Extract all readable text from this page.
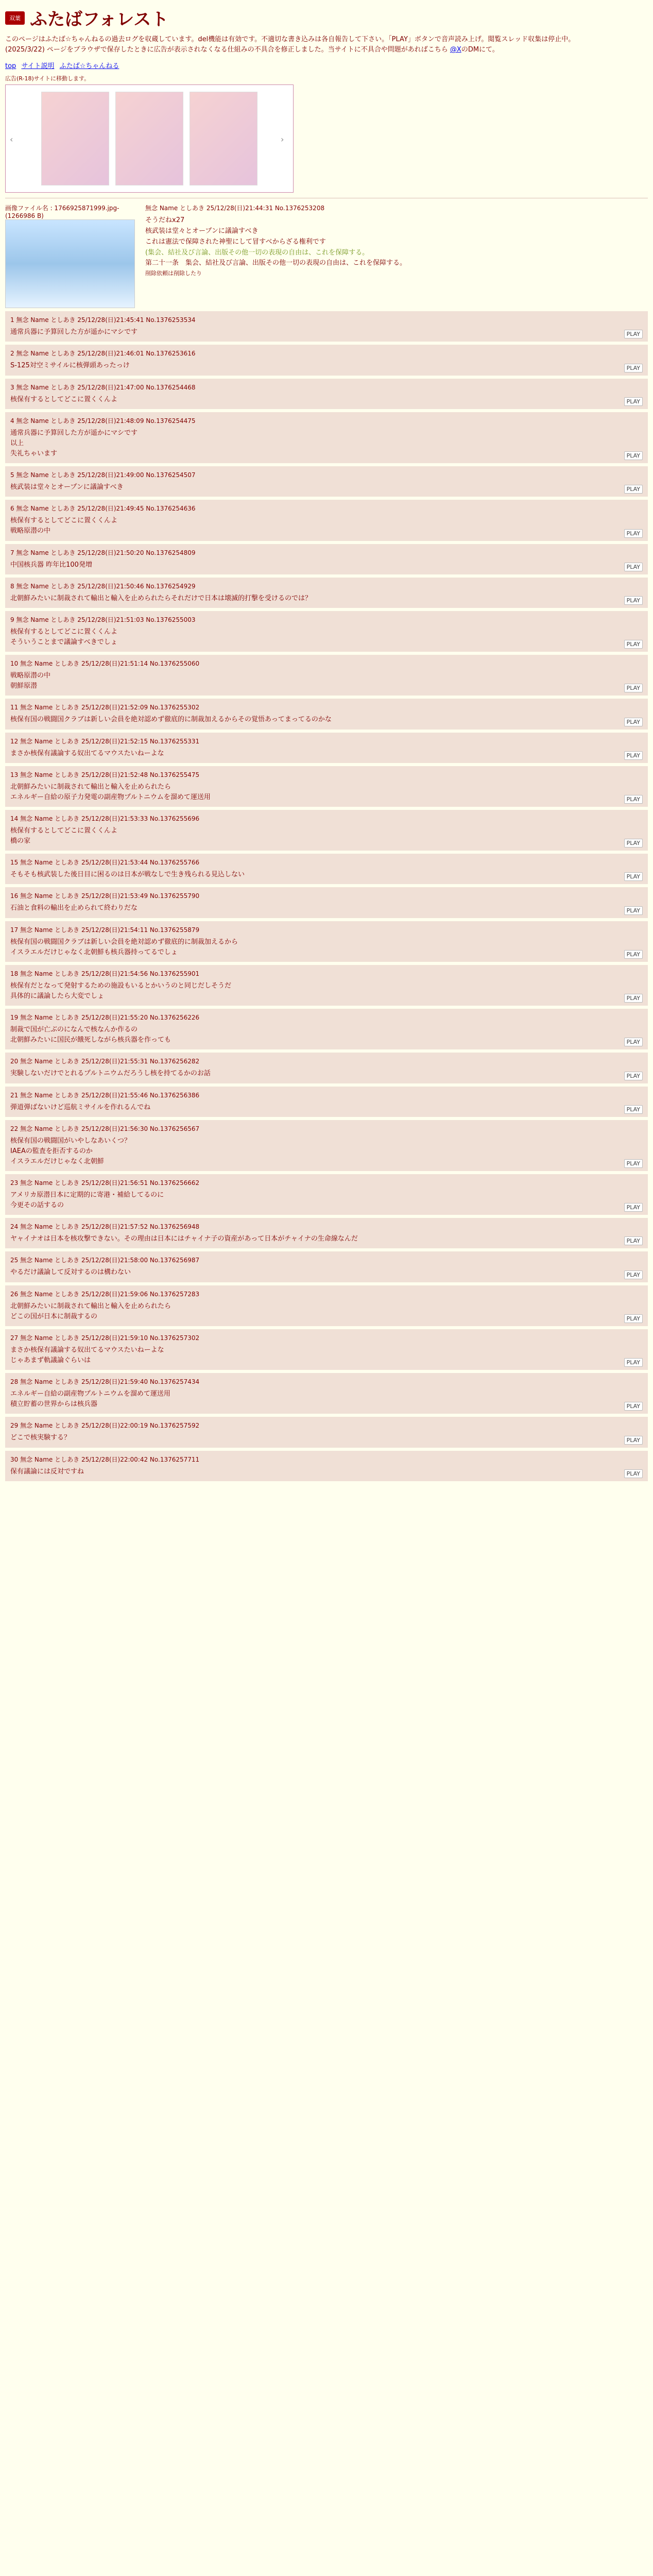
双葉 ふたばフォレスト
このページはふたば☆ちゃんねるの過去ログを収蔵しています。del機能は有効です。不適切な書き込みは各自報告して下さい。「PLAY」ボタンで音声読み上げ。閲覧スレッド収集は停止中。
(2025/3/22) ページをブラウザで保存したときに広告が表示されなくなる仕組みの不具合を修正しました。当サイトに不具合や問題があればこちら @XのDMにて。
top サイト説明 ふたば☆ちゃんねる
広告(R-18)サイトに移動します。
‹	›
画像ファイル名 : 1766925871999.jpg-(1266986 B)
無念 Name としあき 25/12/28(日)21:44:31 No.1376253208
そうだねx27
核武装は堂々とオープンに議論すべき
これは憲法で保障された神聖にして冒すべからざる権利です
(集会、結社及び言論、出版その他一切の表現の自由は、これを保障する。
第二十一条　集会、結社及び言論、出版その他一切の表現の自由は、これを保障する。
削除依頼は削除したり
1 無念 Name としあき 25/12/28(日)21:45:41 No.1376253534
通常兵器に予算回した方が遥かにマシです	PLAY
2 無念 Name としあき 25/12/28(日)21:46:01 No.1376253616
S-125対空ミサイルに核弾頭あったっけ	PLAY
3 無念 Name としあき 25/12/28(日)21:47:00 No.1376254468
核保有するとしてどこに置くくんよ	PLAY
4 無念 Name としあき 25/12/28(日)21:48:09 No.1376254475
通常兵器に予算回した方が遥かにマシです
以上
失礼ちゃいます	PLAY
5 無念 Name としあき 25/12/28(日)21:49:00 No.1376254507
核武装は堂々とオープンに議論すべき	PLAY
6 無念 Name としあき 25/12/28(日)21:49:45 No.1376254636
核保有するとしてどこに置くくんよ
戦略原潜の中	PLAY
7 無念 Name としあき 25/12/28(日)21:50:20 No.1376254809
中国核兵器 昨年比100発増	PLAY
8 無念 Name としあき 25/12/28(日)21:50:46 No.1376254929
北朝鮮みたいに制裁されて輸出と輸入を止められたらそれだけで日本は壊滅的打撃を受けるのでは？	PLAY
9 無念 Name としあき 25/12/28(日)21:51:03 No.1376255003
核保有するとしてどこに置くくんよ
そういうことまで議論すべきでしょ	PLAY
10 無念 Name としあき 25/12/28(日)21:51:14 No.1376255060
戦略原潜の中
朝鮮原潜	PLAY
11 無念 Name としあき 25/12/28(日)21:52:09 No.1376255302
核保有国の戦闘国クラブは新しい会員を絶対認めず徹底的に制裁加えるからその覚悟あってまってるのかな	PLAY
12 無念 Name としあき 25/12/28(日)21:52:15 No.1376255331
まさか核保有議論する奴出てるマウスたいねーよな	PLAY
13 無念 Name としあき 25/12/28(日)21:52:48 No.1376255475
北朝鮮みたいに制裁されて輸出と輸入を止められたら
エネルギー自給の原子力発電の副産物プルトニウムを溜めて運送用	PLAY
14 無念 Name としあき 25/12/28(日)21:53:33 No.1376255696
核保有するとしてどこに置くくんよ
橋の家	PLAY
15 無念 Name としあき 25/12/28(日)21:53:44 No.1376255766
そもそも核武装した後日目に困るのは日本が戦なしで生き残られる見込しない	PLAY
16 無念 Name としあき 25/12/28(日)21:53:49 No.1376255790
石油と食料の輸出を止められて終わりだな	PLAY
17 無念 Name としあき 25/12/28(日)21:54:11 No.1376255879
核保有国の戦闘国クラブは新しい会員を絶対認めず徹底的に制裁加えるから
イスラエルだけじゃなく北朝鮮も核兵器持ってるでしょ	PLAY
18 無念 Name としあき 25/12/28(日)21:54:56 No.1376255901
核保有だとなって発射するための施設もいるとかいうのと同じだしそうだ
具体的に議論したら大変でしょ	PLAY
19 無念 Name としあき 25/12/28(日)21:55:20 No.1376256226
制裁で国が亡ぶのになんで核なんか作るの
北朝鮮みたいに国民が餓死しながら核兵器を作っても	PLAY
20 無念 Name としあき 25/12/28(日)21:55:31 No.1376256282
実験しないだけでとれるプルトニウムだろうし核を持てるかのお話	PLAY
21 無念 Name としあき 25/12/28(日)21:55:46 No.1376256386
弾道弾ばないけど巡航ミサイルを作れるんでね	PLAY
22 無念 Name としあき 25/12/28(日)21:56:30 No.1376256567
核保有国の戦闘国がいやしなあいくつ？
IAEAの監査を拒否するのか
イスラエルだけじゃなく北朝鮮	PLAY
23 無念 Name としあき 25/12/28(日)21:56:51 No.1376256662
アメリカ原潜日本に定期的に寄港・補給してるのに
今更その話するの	PLAY
24 無念 Name としあき 25/12/28(日)21:57:52 No.1376256948
ヤャイナオは日本を核攻撃できない。その理由は日本にはチャイナ子の資産があって日本がチャイナの生命線なんだ	PLAY
25 無念 Name としあき 25/12/28(日)21:58:00 No.1376256987
やるだけ議論して反対するのは構わない	PLAY
26 無念 Name としあき 25/12/28(日)21:59:06 No.1376257283
北朝鮮みたいに制裁されて輸出と輸入を止められたら
どこの国が日本に制裁するの	PLAY
27 無念 Name としあき 25/12/28(日)21:59:10 No.1376257302
まさか核保有議論する奴出てるマウスたいねーよな
じゃあまず軌議論ぐらいは	PLAY
28 無念 Name としあき 25/12/28(日)21:59:40 No.1376257434
エネルギー自給の副産物プルトニウムを溜めて運送用
積立貯蓄の世界からは核兵器	PLAY
29 無念 Name としあき 25/12/28(日)22:00:19 No.1376257592
どこで核実験する？	PLAY
30 無念 Name としあき 25/12/28(日)22:00:42 No.1376257711
保有議論には反対ですね	PLAY
